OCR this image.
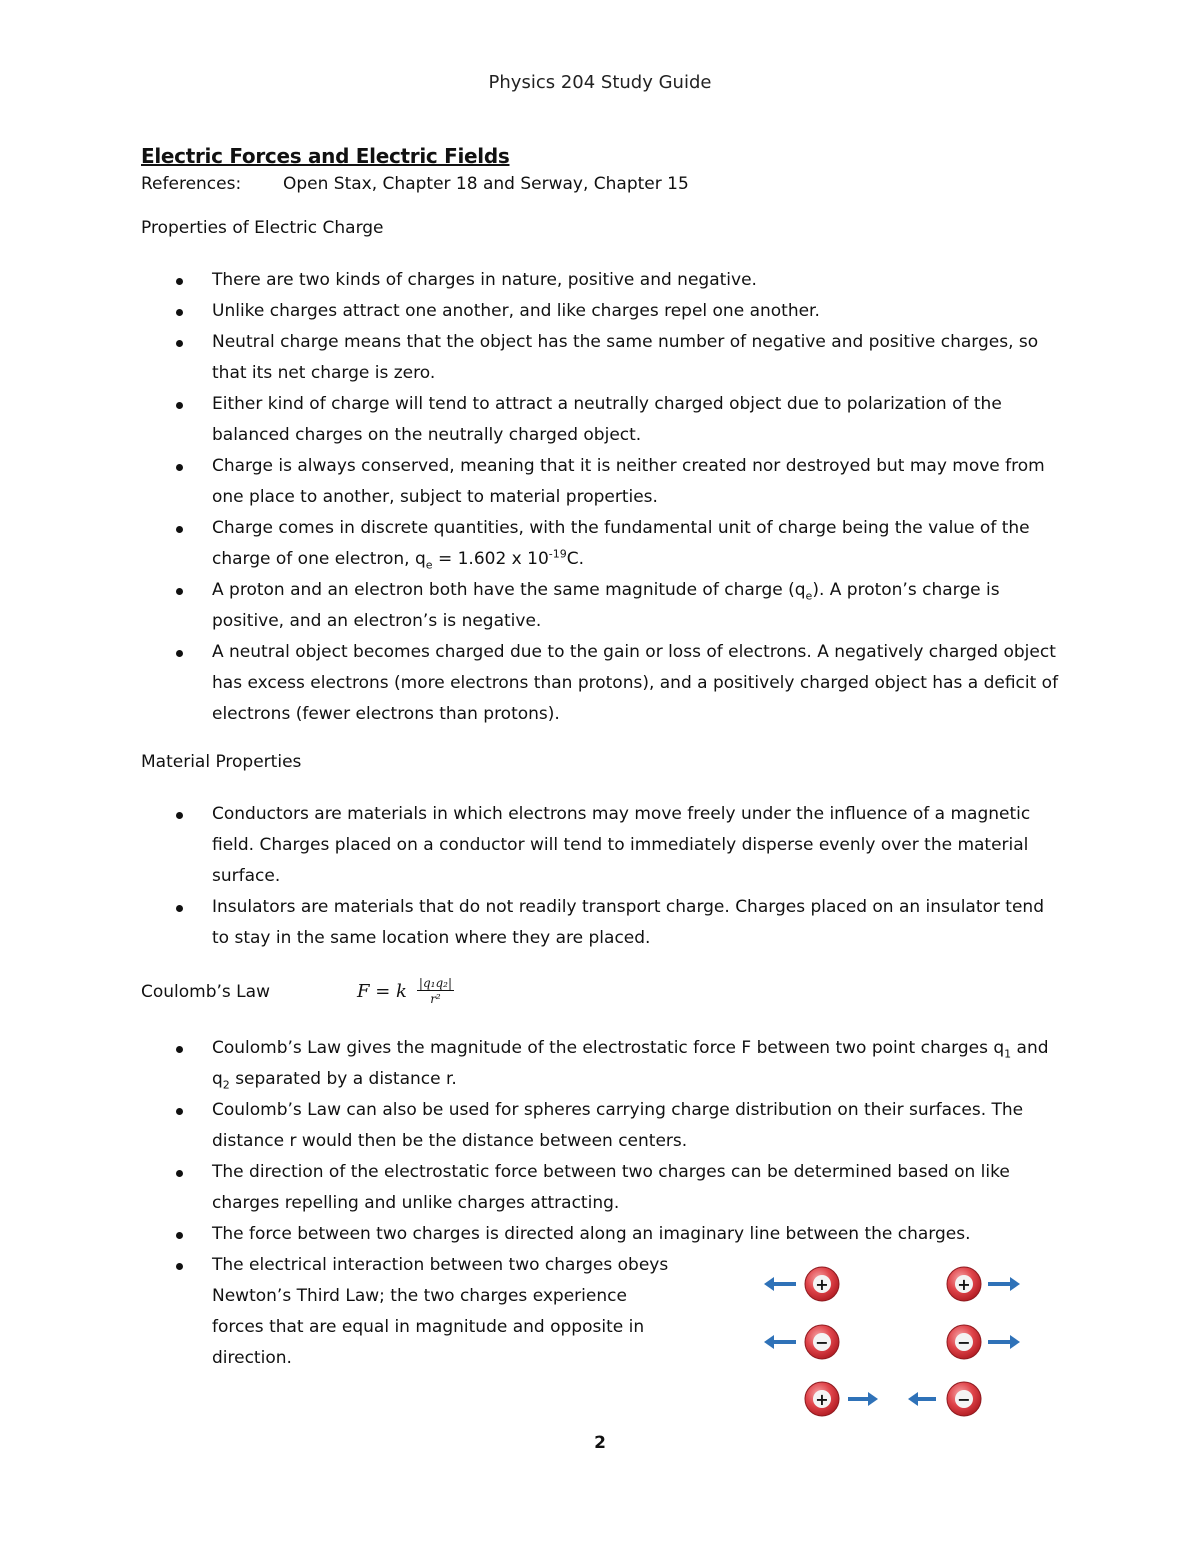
Physics 204 Study Guide
Electric Forces and Electric Fields
References: Open Stax, Chapter 18 and Serway, Chapter 15
Properties of Electric Charge
There are two kinds of charges in nature, positive and negative.
Unlike charges attract one another, and like charges repel one another.
Neutral charge means that the object has the same number of negative and positive charges, so that its net charge is zero.
Either kind of charge will tend to attract a neutrally charged object due to polarization of the balanced charges on the neutrally charged object.
Charge is always conserved, meaning that it is neither created nor destroyed but may move from one place to another, subject to material properties.
Charge comes in discrete quantities, with the fundamental unit of charge being the value of the charge of one electron, $q_e = 1.602$ x $10^{-19}C$.
A proton and an electron both have the same magnitude of charge $(q_e)$. A proton’s charge is positive, and an electron’s is negative.
A neutral object becomes charged due to the gain or loss of electrons. A negatively charged object has excess electrons (more electrons than protons), and a positively charged object has a deficit of electrons (fewer electrons than protons).
Material Properties
Conductors are materials in which electrons may move freely under the influence of a magnetic field. Charges placed on a conductor will tend to immediately disperse evenly over the material surface.
Insulators are materials that do not readily transport charge. Charges placed on an insulator tend to stay in the same location where they are placed.
Coulomb’s Law	F = k $\frac{\text{|q₁q₂|}}{\text{r²}}$
Coulomb’s Law gives the magnitude of the electrostatic force F between two point charges $q_1$ and $q_2$ separated by a distance r.
Coulomb’s Law can also be used for spheres carrying charge distribution on their surfaces. The distance r would then be the distance between centers.
The direction of the electrostatic force between two charges can be determined based on like charges repelling and unlike charges attracting.
The force between two charges is directed along an imaginary line between the charges.
The electrical interaction between two charges obeys Newton’s Third Law; the two charges experience forces that are equal in magnitude and opposite in direction.
+	+
−	−
+	−
2
